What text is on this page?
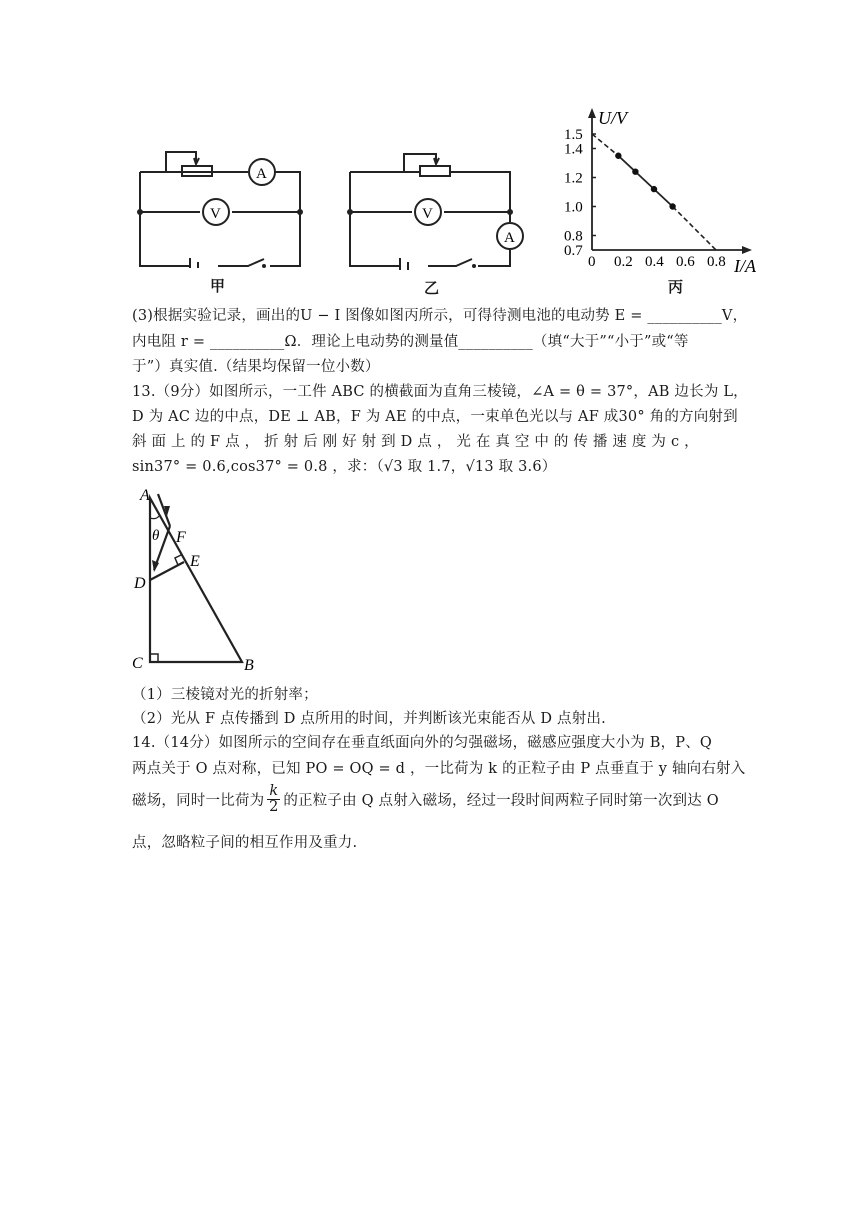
A
V
甲
V
A
乙
0 0.2 0.4 0.6 0.8
0.7
0.8
1.0
1.2
1.4
1.5
U/V
I/A
丙
(3)根据实验记录，画出的U − I 图像如图丙所示，可得待测电池的电动势 E = __________V，
内电阻 r = __________Ω．理论上电动势的测量值__________（填“大于”“小于”或“等
于”）真实值.（结果均保留一位小数）
13.（9分）如图所示，一工件 ABC 的横截面为直角三棱镜，∠A = θ = 37°，AB 边长为 L，
D 为 AC 边的中点，DE ⊥ AB，F 为 AE 的中点，一束单色光以与 AF 成30° 角的方向射到
斜 面 上 的 F 点 ， 折 射 后 刚 好 射 到 D 点 ， 光 在 真 空 中 的 传 播 速 度 为 c ，
sin37° = 0.6,cos37° = 0.8 ，求：（√3 取 1.7，√13 取 3.6）
A
θ F
E
D
C	B
（1）三棱镜对光的折射率；
（2）光从 F 点传播到 D 点所用的时间，并判断该光束能否从 D 点射出.
14.（14分）如图所示的空间存在垂直纸面向外的匀强磁场，磁感应强度大小为 B，P、Q
两点关于 O 点对称，已知 PO = OQ = d ，一比荷为 k 的正粒子由 P 点垂直于 y 轴向右射入
磁场，同时一比荷为 $\frac{k}{2}$ 的正粒子由 Q 点射入磁场，经过一段时间两粒子同时第一次到达 O
点，忽略粒子间的相互作用及重力.
